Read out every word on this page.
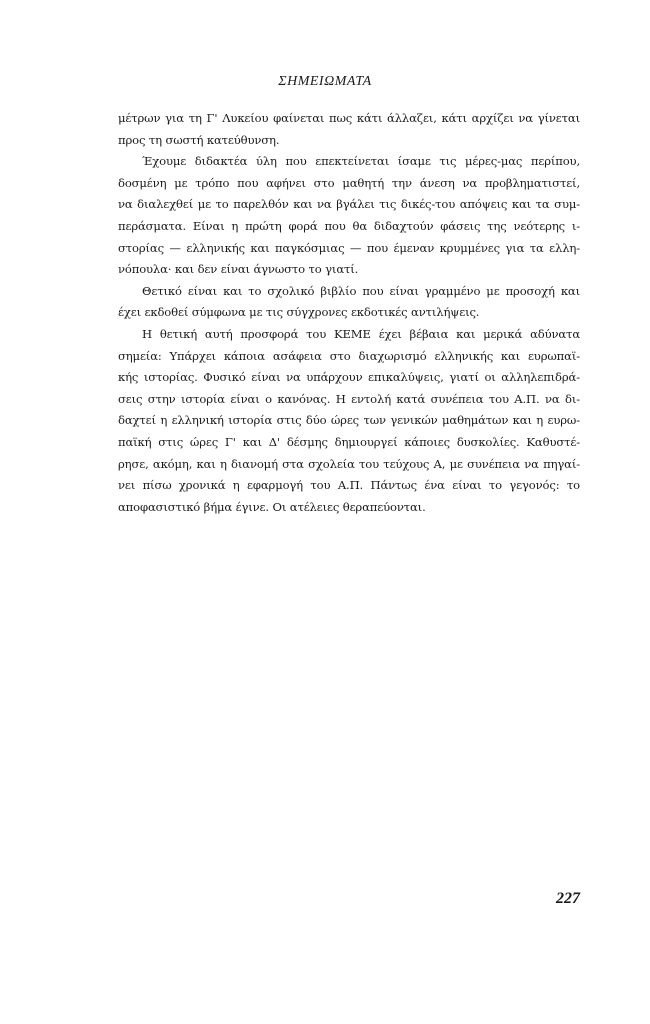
ΣΗΜΕΙΩΜΑΤΑ

μέτρων για τη Γ' Λυκείου φαίνεται πως κάτι άλλαζει, κάτι αρχίζει να γίνεται
προς τη σωστή κατεύθυνση.

Έχουμε διδακτέα ύλη που επεκτείνεται ίσαμε τις μέρες-μας περίπου,
δοσμένη με τρόπο που αφήνει στο μαθητή την άνεση να προβληματιστεί,
να διαλεχθεί με το παρελθόν και να βγάλει τις δικές-του απόψεις και τα συμ-
περάσματα. Είναι η πρώτη φορά που θα διδαχτούν φάσεις της νεότερης ι-
στορίας — ελληνικής και παγκόσμιας — που έμεναν κρυμμένες για τα ελλη-
νόπουλα· και δεν είναι άγνωστο το γιατί.

Θετικό είναι και το σχολικό βιβλίο που είναι γραμμένο με προσοχή και
έχει εκδοθεί σύμφωνα με τις σύγχρονες εκδοτικές αντιλήψεις.

Η θετική αυτή προσφορά του ΚΕΜΕ έχει βέβαια και μερικά αδύνατα
σημεία: Υπάρχει κάποια ασάφεια στο διαχωρισμό ελληνικής και ευρωπαϊ-
κής ιστορίας. Φυσικό είναι να υπάρχουν επικαλύψεις, γιατί οι αλληλεπιδρά-
σεις στην ιστορία είναι ο κανόνας. Η εντολή κατά συνέπεια του Α.Π. να δι-
δαχτεί η ελληνική ιστορία στις δύο ώρες των γενικών μαθημάτων και η ευρω-
παϊκή στις ώρες Γ' και Δ' δέσμης δημιουργεί κάποιες δυσκολίες. Καθυστέ-
ρησε, ακόμη, και η διανομή στα σχολεία του τεύχους Α, με συνέπεια να πηγαί-
νει πίσω χρονικά η εφαρμογή του Α.Π. Πάντως ένα είναι το γεγονός: το
αποφασιστικό βήμα έγινε. Οι ατέλειες θεραπεύονται.

227
